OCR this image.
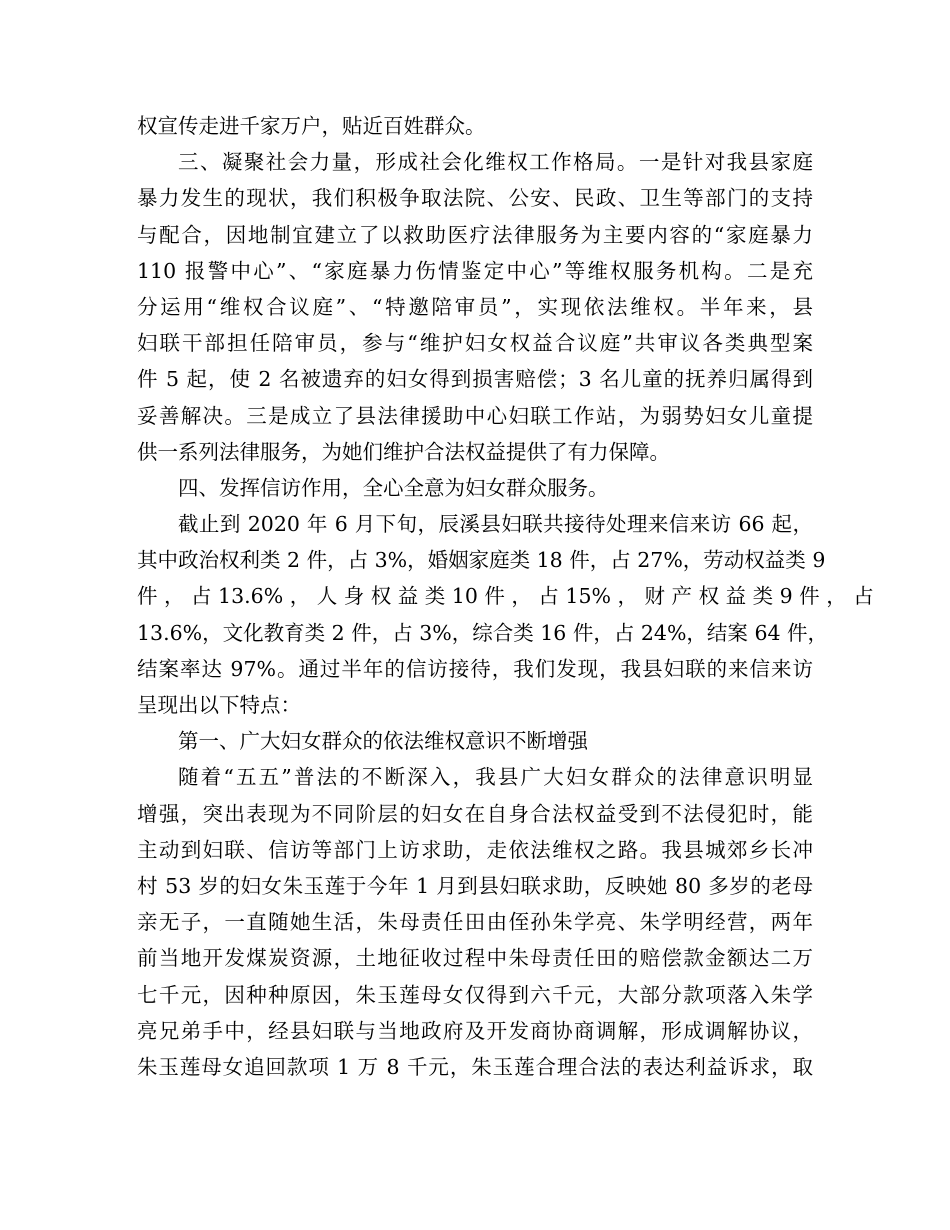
权宣传走进千家万户，贴近百姓群众。
三、凝聚社会力量，形成社会化维权工作格局。一是针对我县家庭
暴力发生的现状，我们积极争取法院、公安、民政、卫生等部门的支持
与配合，因地制宜建立了以救助医疗法律服务为主要内容的“家庭暴力
110 报警中心”、“家庭暴力伤情鉴定中心”等维权服务机构。二是充
分运用“维权合议庭”、“特邀陪审员”，实现依法维权。半年来，县
妇联干部担任陪审员，参与“维护妇女权益合议庭”共审议各类典型案
件 5 起，使 2 名被遗弃的妇女得到损害赔偿；3 名儿童的抚养归属得到
妥善解决。三是成立了县法律援助中心妇联工作站，为弱势妇女儿童提
供一系列法律服务，为她们维护合法权益提供了有力保障。
四、发挥信访作用，全心全意为妇女群众服务。
截止到 2020 年 6 月下旬，辰溪县妇联共接待处理来信来访 66 起，
其中政治权利类 2 件，占 3%，婚姻家庭类 18 件，占 27%，劳动权益类 9
件 ， 占 13.6% ， 人 身 权 益 类 10 件 ， 占 15% ， 财 产 权 益 类 9 件 ， 占
13.6%，文化教育类 2 件，占 3%，综合类 16 件，占 24%，结案 64 件，
结案率达 97%。通过半年的信访接待，我们发现，我县妇联的来信来访
呈现出以下特点：
第一、广大妇女群众的依法维权意识不断增强
随着“五五”普法的不断深入，我县广大妇女群众的法律意识明显
增强，突出表现为不同阶层的妇女在自身合法权益受到不法侵犯时，能
主动到妇联、信访等部门上访求助，走依法维权之路。我县城郊乡长冲
村 53 岁的妇女朱玉莲于今年 1 月到县妇联求助，反映她 80 多岁的老母
亲无子，一直随她生活，朱母责任田由侄孙朱学亮、朱学明经营，两年
前当地开发煤炭资源，土地征收过程中朱母责任田的赔偿款金额达二万
七千元，因种种原因，朱玉莲母女仅得到六千元，大部分款项落入朱学
亮兄弟手中，经县妇联与当地政府及开发商协商调解，形成调解协议，
朱玉莲母女追回款项 1 万 8 千元，朱玉莲合理合法的表达利益诉求，取
